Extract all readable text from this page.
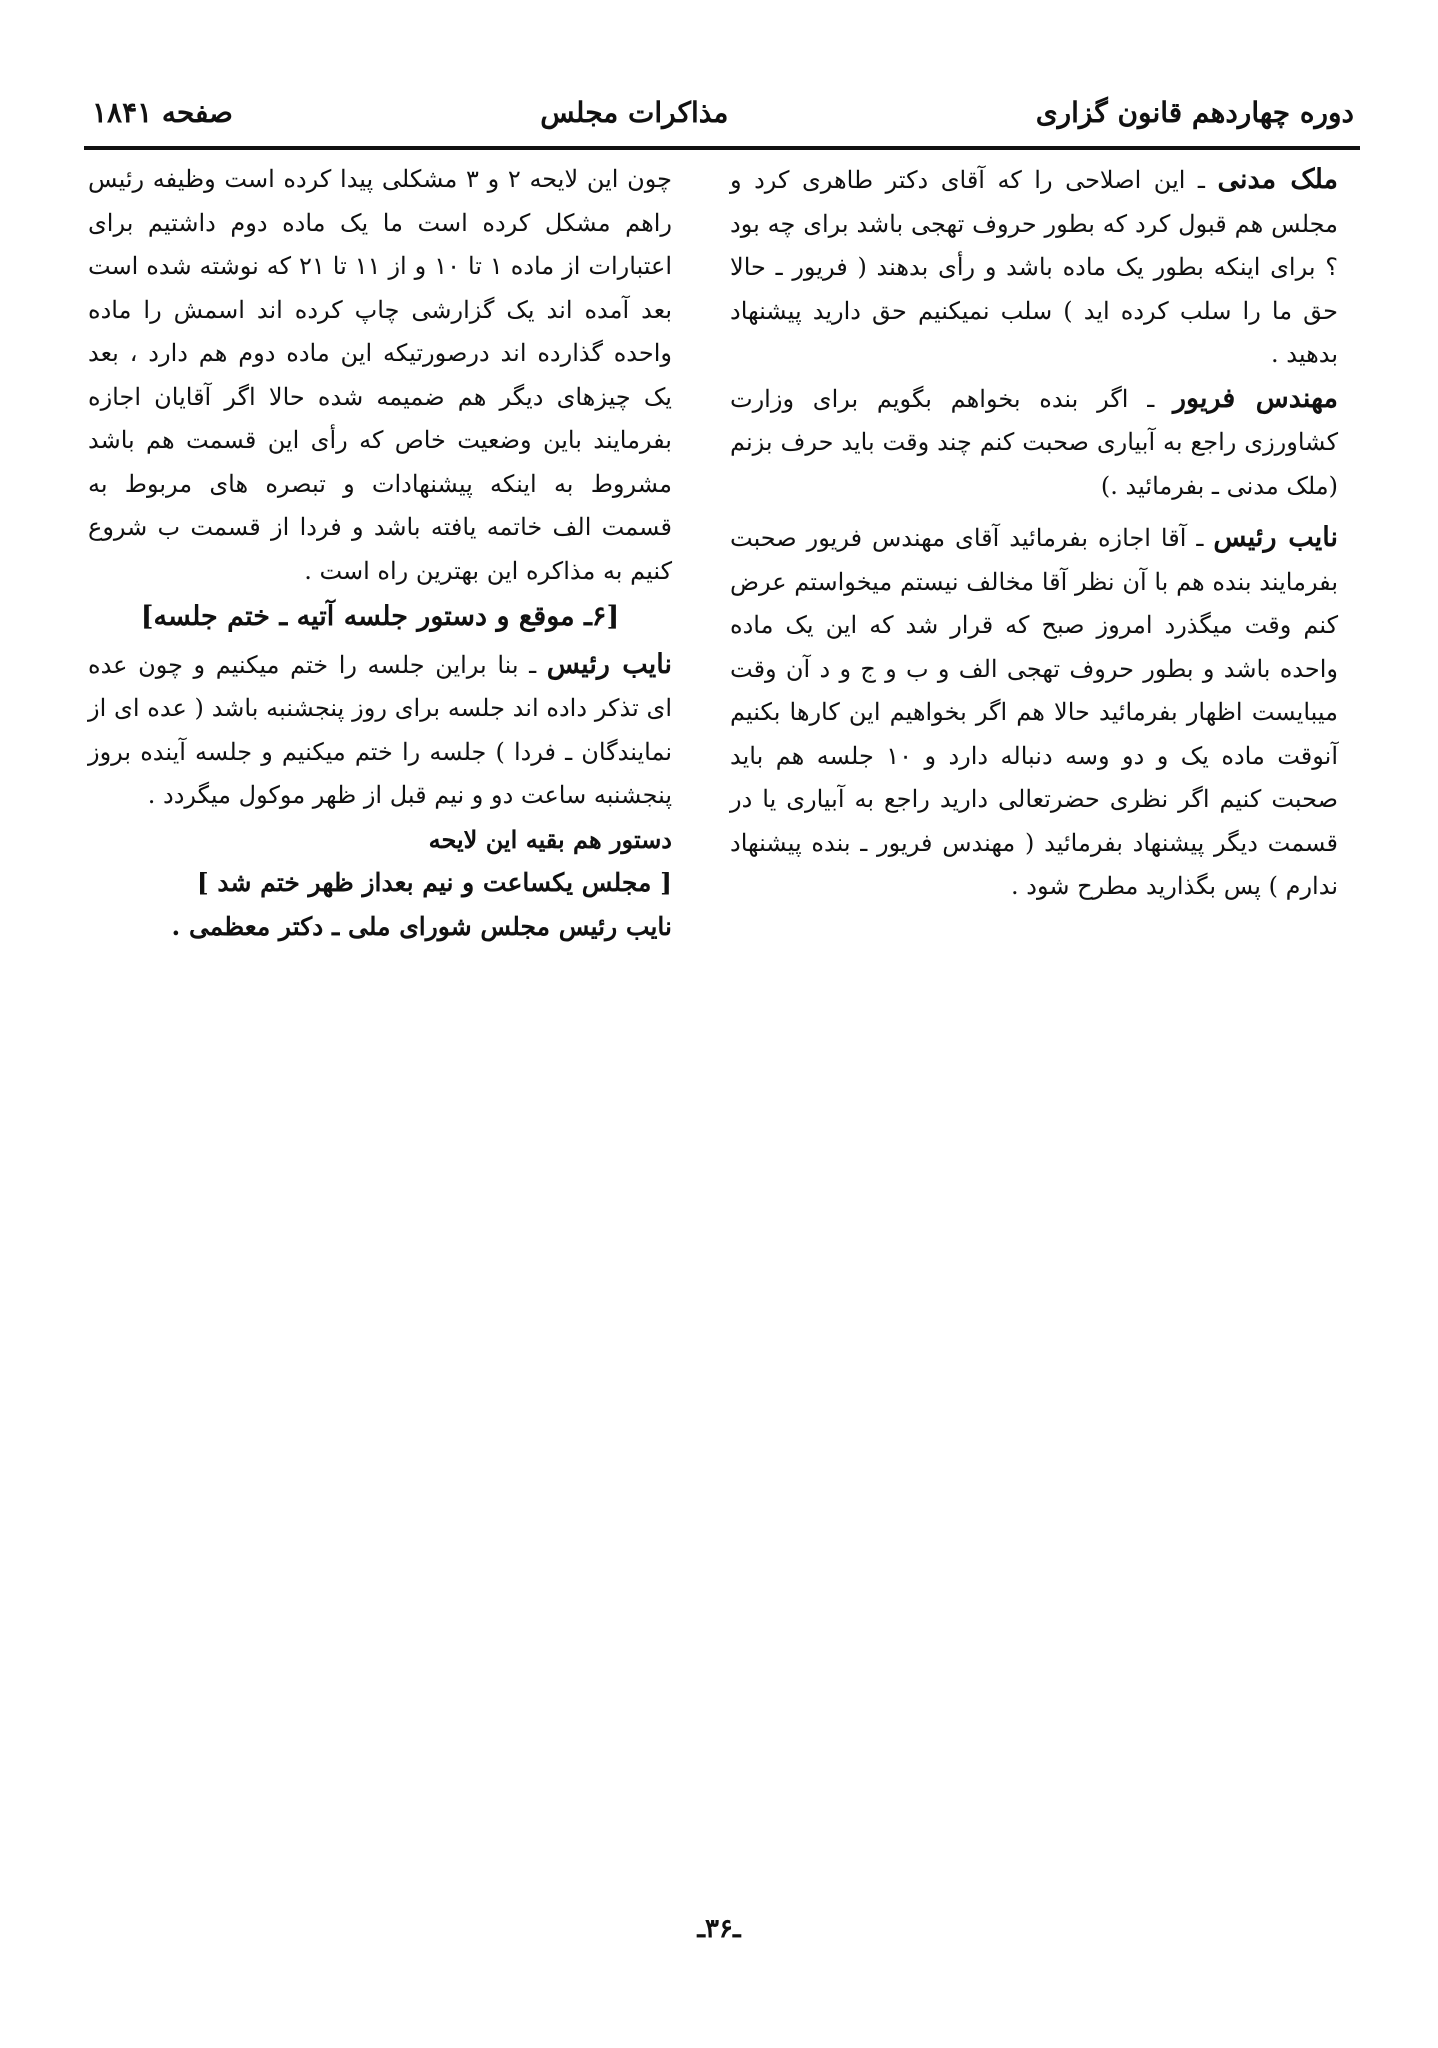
دوره چهاردهم قانون گزاری
مذاکرات مجلس
صفحه ۱۸۴۱

ملک مدنی ـ این اصلاحی را که آقای دکتر طاهری کرد و مجلس هم قبول کرد که بطور حروف تهجی باشد برای چه بود ؟ برای اینکه بطور یک ماده باشد و رأی بدهند ( فریور ـ حالا حق ما را سلب کرده اید ) سلب نمیکنیم حق دارید پیشنهاد بدهید .

مهندس فریور ـ اگر بنده بخواهم بگویم برای وزارت کشاورزی راجع به آبیاری صحبت کنم چند وقت باید حرف بزنم (ملک مدنی ـ بفرمائید .)

نایب رئیس ـ آقا اجازه بفرمائید آقای مهندس فریور صحبت بفرمایند بنده هم با آن نظر آقا مخالف نیستم میخواستم عرض کنم وقت میگذرد امروز صبح که قرار شد که این یک ماده واحده باشد و بطور حروف تهجی الف و ب و ج و د آن وقت میبایست اظهار بفرمائید حالا هم اگر بخواهیم این کارها بکنیم آنوقت ماده یک و دو وسه دنباله دارد و ۱۰ جلسه هم باید صحبت کنیم اگر نظری حضرتعالی دارید راجع به آبیاری یا در قسمت دیگر پیشنهاد بفرمائید ( مهندس فریور ـ بنده پیشنهاد ندارم ) پس بگذارید مطرح شود .

چون این لایحه ۲ و ۳ مشکلی پیدا کرده است وظیفه رئیس راهم مشکل کرده است ما یک ماده دوم داشتیم برای اعتبارات از ماده ۱ تا ۱۰ و از ۱۱ تا ۲۱ که نوشته شده است بعد آمده اند یک گزارشی چاپ کرده اند اسمش را ماده واحده گذارده اند درصورتیکه این ماده دوم هم دارد ، بعد یک چیزهای دیگر هم ضمیمه شده حالا اگر آقایان اجازه بفرمایند باین وضعیت خاص که رأی این قسمت هم باشد مشروط به اینکه پیشنهادات و تبصره های مربوط به قسمت الف خاتمه یافته باشد و فردا از قسمت ب شروع کنیم به مذاکره این بهترین راه است .

[۶ـ موقع و دستور جلسه آتیه ـ ختم جلسه]

نایب رئیس ـ بنا براین جلسه را ختم میکنیم و چون عده ای تذکر داده اند جلسه برای روز پنجشنبه باشد ( عده ای از نمایندگان ـ فردا ) جلسه را ختم میکنیم و جلسه آینده بروز پنجشنبه ساعت دو و نیم قبل از ظهر موکول میگردد .

دستور هم بقیه این لایحه
[ مجلس یکساعت و نیم بعداز ظهر ختم شد ]
نایب رئیس مجلس شورای ملی ـ دکتر معظمی .
ـ۳۶ـ
